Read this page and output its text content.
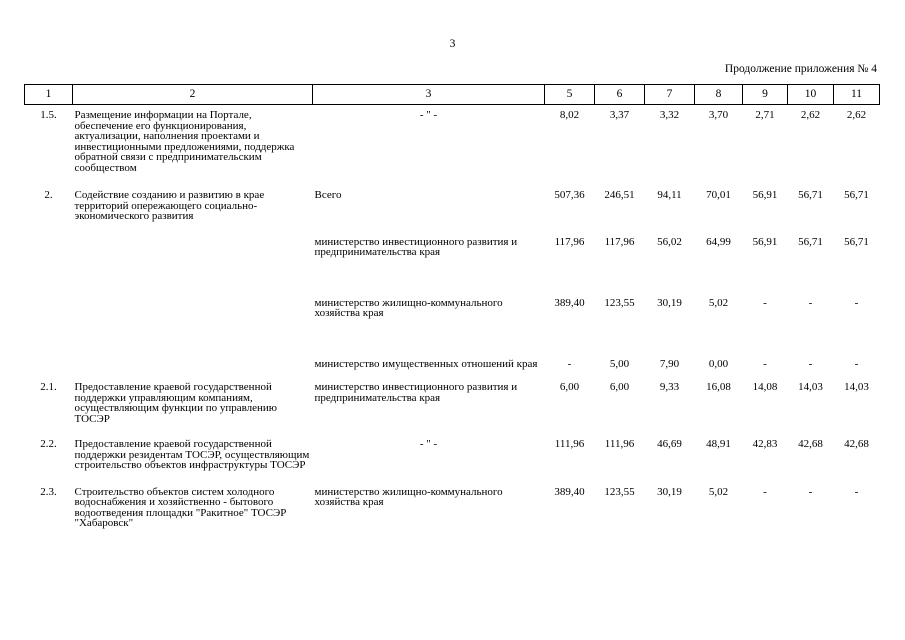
3
Продолжение приложения № 4
1	2	3	5	6	7	8	9	10	11
1.5.	Размещение информации на Портале, обеспечение его функционирования, актуализации, наполнения проектами и инвестиционными предложениями, поддержка обратной связи с предпринимательским сообществом	- " -	8,02	3,37	3,32	3,70	2,71	2,62	2,62
2.	Содействие созданию и развитию в крае территорий опережающего социально-экономического развития	Всего	507,36	246,51	94,11	70,01	56,91	56,71	56,71
		министерство инвестиционного развития и предпринимательства края	117,96	117,96	56,02	64,99	56,91	56,71	56,71
		министерство жилищно-коммунального хозяйства края	389,40	123,55	30,19	5,02	-	-	-
		министерство имущественных отношений края	-	5,00	7,90	0,00	-	-	-
2.1.	Предоставление краевой государственной поддержки управляющим компаниям, осуществляющим функции по управлению ТОСЭР	министерство инвестиционного развития и предпринимательства края	6,00	6,00	9,33	16,08	14,08	14,03	14,03
2.2.	Предоставление краевой государственной поддержки резидентам ТОСЭР, осуществляющим строительство объектов инфраструктуры ТОСЭР	- " -	111,96	111,96	46,69	48,91	42,83	42,68	42,68
2.3.	Строительство объектов систем холодного водоснабжения и хозяйственно - бытового водоотведения площадки "Ракитное" ТОСЭР "Хабаровск"	министерство жилищно-коммунального хозяйства края	389,40	123,55	30,19	5,02	-	-	-
